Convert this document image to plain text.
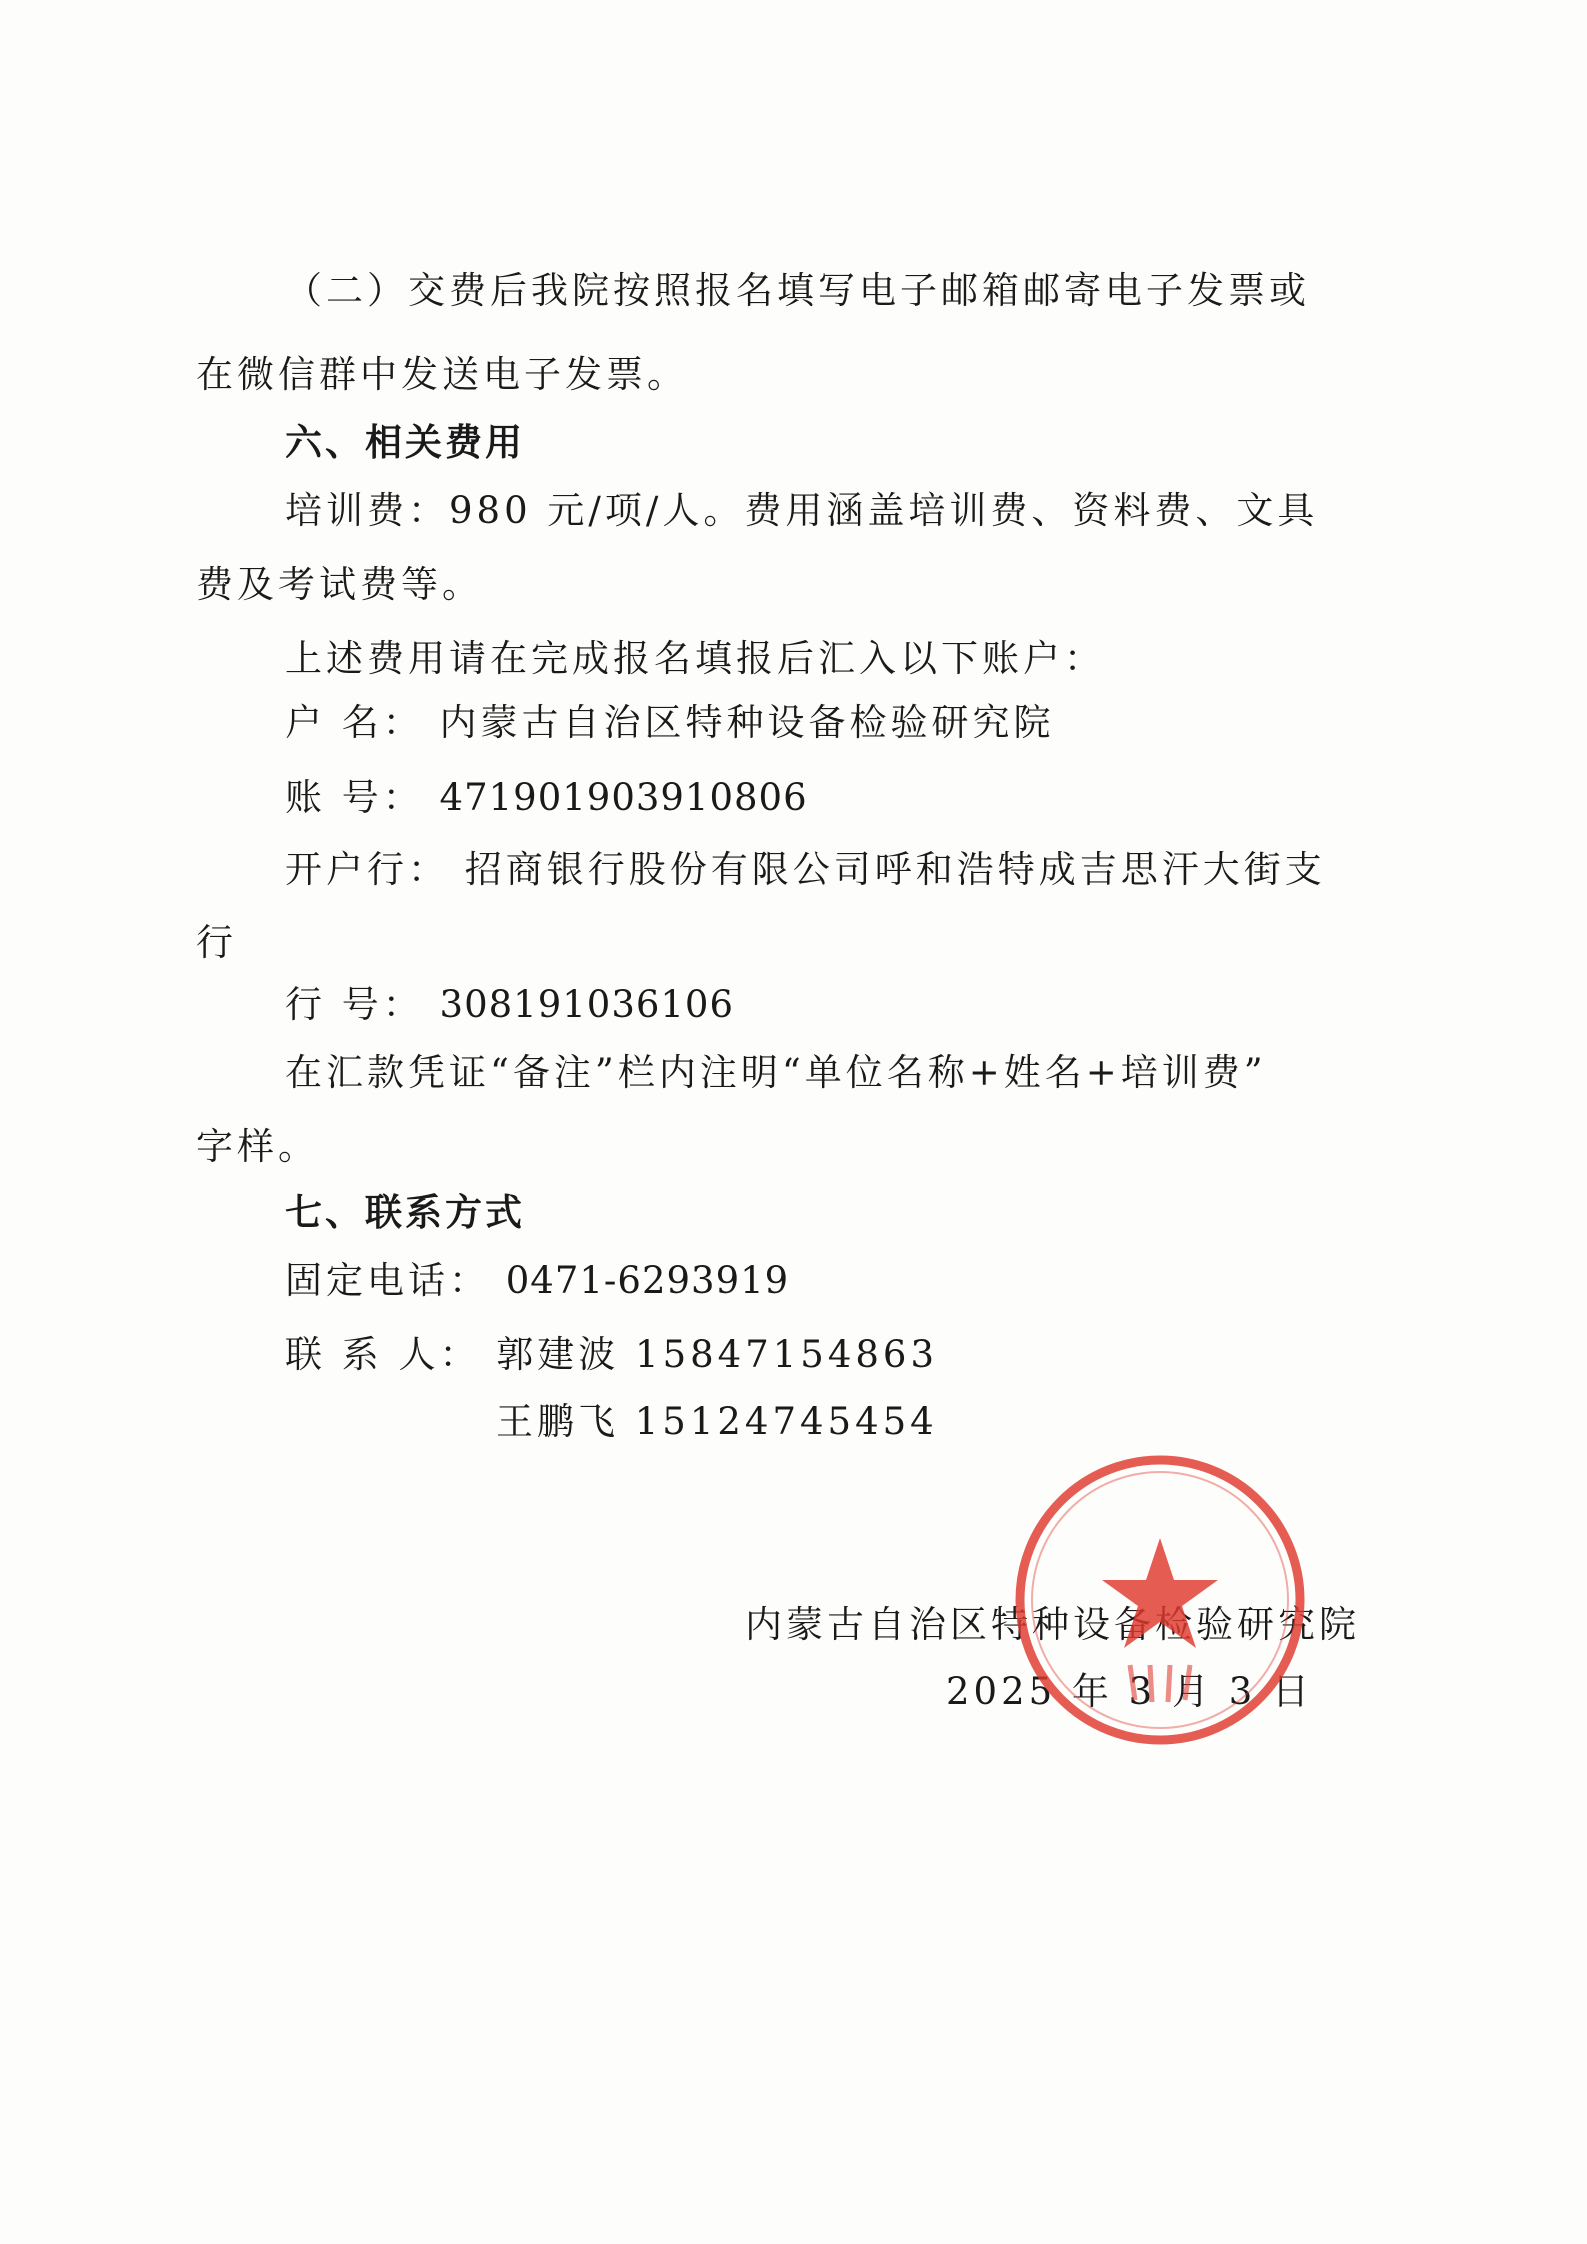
（二）交费后我院按照报名填写电子邮箱邮寄电子发票或
在微信群中发送电子发票。
六、相关费用
培训费：980 元/项/人。费用涵盖培训费、资料费、文具
费及考试费等。
上述费用请在完成报名填报后汇入以下账户：
户 名： 内蒙古自治区特种设备检验研究院
账 号： 471901903910806
开户行： 招商银行股份有限公司呼和浩特成吉思汗大街支
行
行 号： 308191036106
在汇款凭证“备注”栏内注明“单位名称+姓名+培训费”
字样。
七、联系方式
固定电话： 0471-6293919
联 系 人： 郭建波 15847154863
王鹏飞 15124745454
内蒙古自治区特种设备检验研究院
2025 年 3 月 3 日
